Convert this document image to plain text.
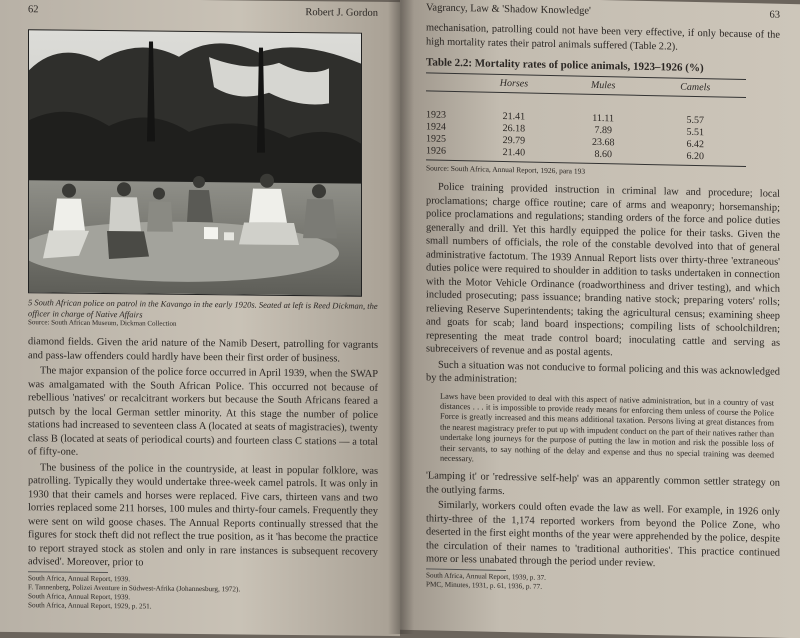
62	Robert J. Gordon
5 South African police on patrol in the Kavango in the early 1920s. Seated at left is Reed Dickman, the officer in charge of Native Affairs
Source: South African Museum, Dickman Collection

diamond fields. Given the arid nature of the Namib Desert, patrolling for vagrants and pass-law offenders could hardly have been their first order of business.

The major expansion of the police force occurred in April 1939, when the SWAP was amalgamated with the South African Police. This occurred not because of rebellious 'natives' or recalcitrant workers but because the South Africans feared a putsch by the local German settler minority. At this stage the number of police stations had increased to seventeen class A (located at seats of magistracies), twenty class B (located at seats of periodical courts) and fourteen class C stations — a total of fifty-one.

The business of the police in the countryside, at least in popular folklore, was patrolling. Typically they would undertake three-week camel patrols. It was only in 1930 that their camels and horses were replaced. Five cars, thirteen vans and two lorries replaced some 211 horses, 100 mules and thirty-four camels. Frequently they were sent on wild goose chases. The Annual Reports continually stressed that the figures for stock theft did not reflect the true position, as it 'has become the practice to report strayed stock as stolen and only in rare instances is subsequent recovery advised'. Moreover, prior to

South Africa, Annual Report, 1939.
F. Tannenberg, Polizei Aventure in Südwest-Afrika (Johannesburg, 1972).
South Africa, Annual Report, 1939.
South Africa, Annual Report, 1929, p. 251.
Vagrancy, Law & 'Shadow Knowledge'	63

mechanisation, patrolling could not have been very effective, if only because of the high mortality rates their patrol animals suffered (Table 2.2).

Table 2.2: Mortality rates of police animals, 1923–1926 (%)
	Horses	Mules	Camels
1923	21.41	11.11	5.57
1924	26.18	7.89	5.51
1925	29.79	23.68	6.42
1926	21.40	8.60	6.20
Source: South Africa, Annual Report, 1926, para 193

Police training provided instruction in criminal law and procedure; local proclamations; charge office routine; care of arms and weaponry; horsemanship; police proclamations and regulations; standing orders of the force and police duties generally and drill. Yet this hardly equipped the police for their tasks. Given the small numbers of officials, the role of the constable devolved into that of general administrative factotum. The 1939 Annual Report lists over thirty-three 'extraneous' duties police were required to shoulder in addition to tasks undertaken in connection with the Motor Vehicle Ordinance (roadworthiness and driver testing), and which included prosecuting; pass issuance; branding native stock; preparing voters' rolls; relieving Reserve Superintendents; taking the agricultural census; examining sheep and goats for scab; land board inspections; compiling lists of schoolchildren; representing the meat trade control board; inoculating cattle and serving as subreceivers of revenue and as postal agents.

Such a situation was not conducive to formal policing and this was acknowledged by the administration:

Laws have been provided to deal with this aspect of native administration, but in a country of vast distances . . . it is impossible to provide ready means for enforcing them unless of course the Police Force is greatly increased and this means additional taxation. Persons living at great distances from the nearest magistracy prefer to put up with impudent conduct on the part of their natives rather than undertake long journeys for the purpose of putting the law in motion and risk the possible loss of their servants, to say nothing of the delay and expense and thus no special training was deemed necessary.

'Lamping it' or 'redressive self-help' was an apparently common settler strategy on the outlying farms.

Similarly, workers could often evade the law as well. For example, in 1926 only thirty-three of the 1,174 reported workers from beyond the Police Zone, who deserted in the first eight months of the year were apprehended by the police, despite the circulation of their names to 'traditional authorities'. This practice continued more or less unabated through the period under review.

South Africa, Annual Report, 1939, p. 37.
PMC, Minutes, 1931, p. 61, 1936, p. 77.
